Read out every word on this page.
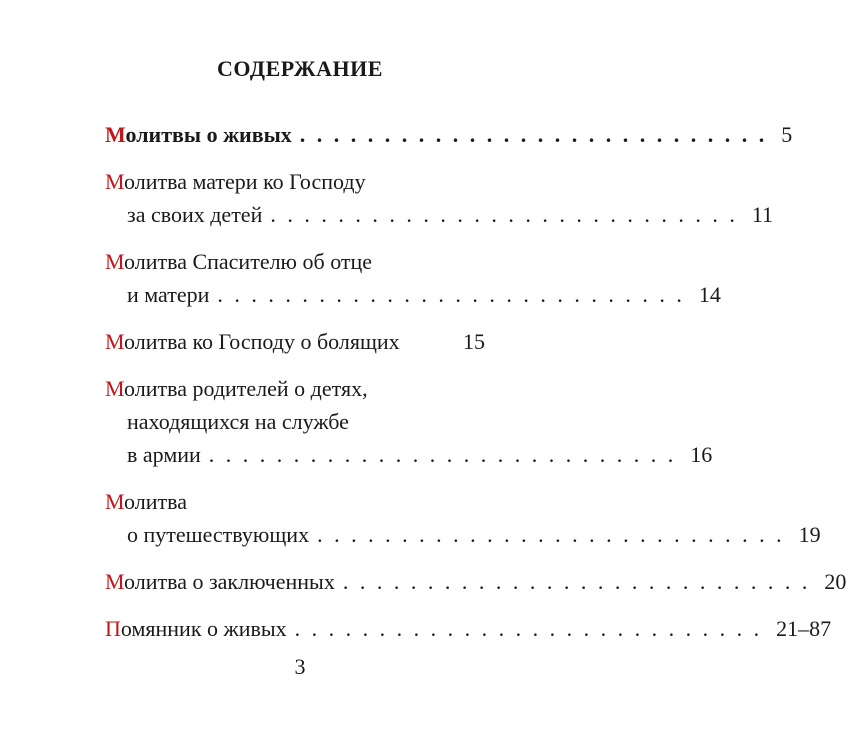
СОДЕРЖАНИЕ
Молитвы о живых . . . . . . . . . . . . . . . . . . . . . . . . . . . . 5
Молитва матери ко Господу
за своих детей . . . . . . . . . . . . . . . . . . . . . . . . . . . . 11
Молитва Спасителю об отце
и матери . . . . . . . . . . . . . . . . . . . . . . . . . . . . 14
Молитва ко Господу о болящих	15
Молитва родителей о детях,
находящихся на службе
в армии . . . . . . . . . . . . . . . . . . . . . . . . . . . . 16
Молитва
о путешествующих . . . . . . . . . . . . . . . . . . . . . . . . . . . . 19
Молитва о заключенных . . . . . . . . . . . . . . . . . . . . . . . . . . . . 20
Помянник о живых . . . . . . . . . . . . . . . . . . . . . . . . . . . . 21–87
3
